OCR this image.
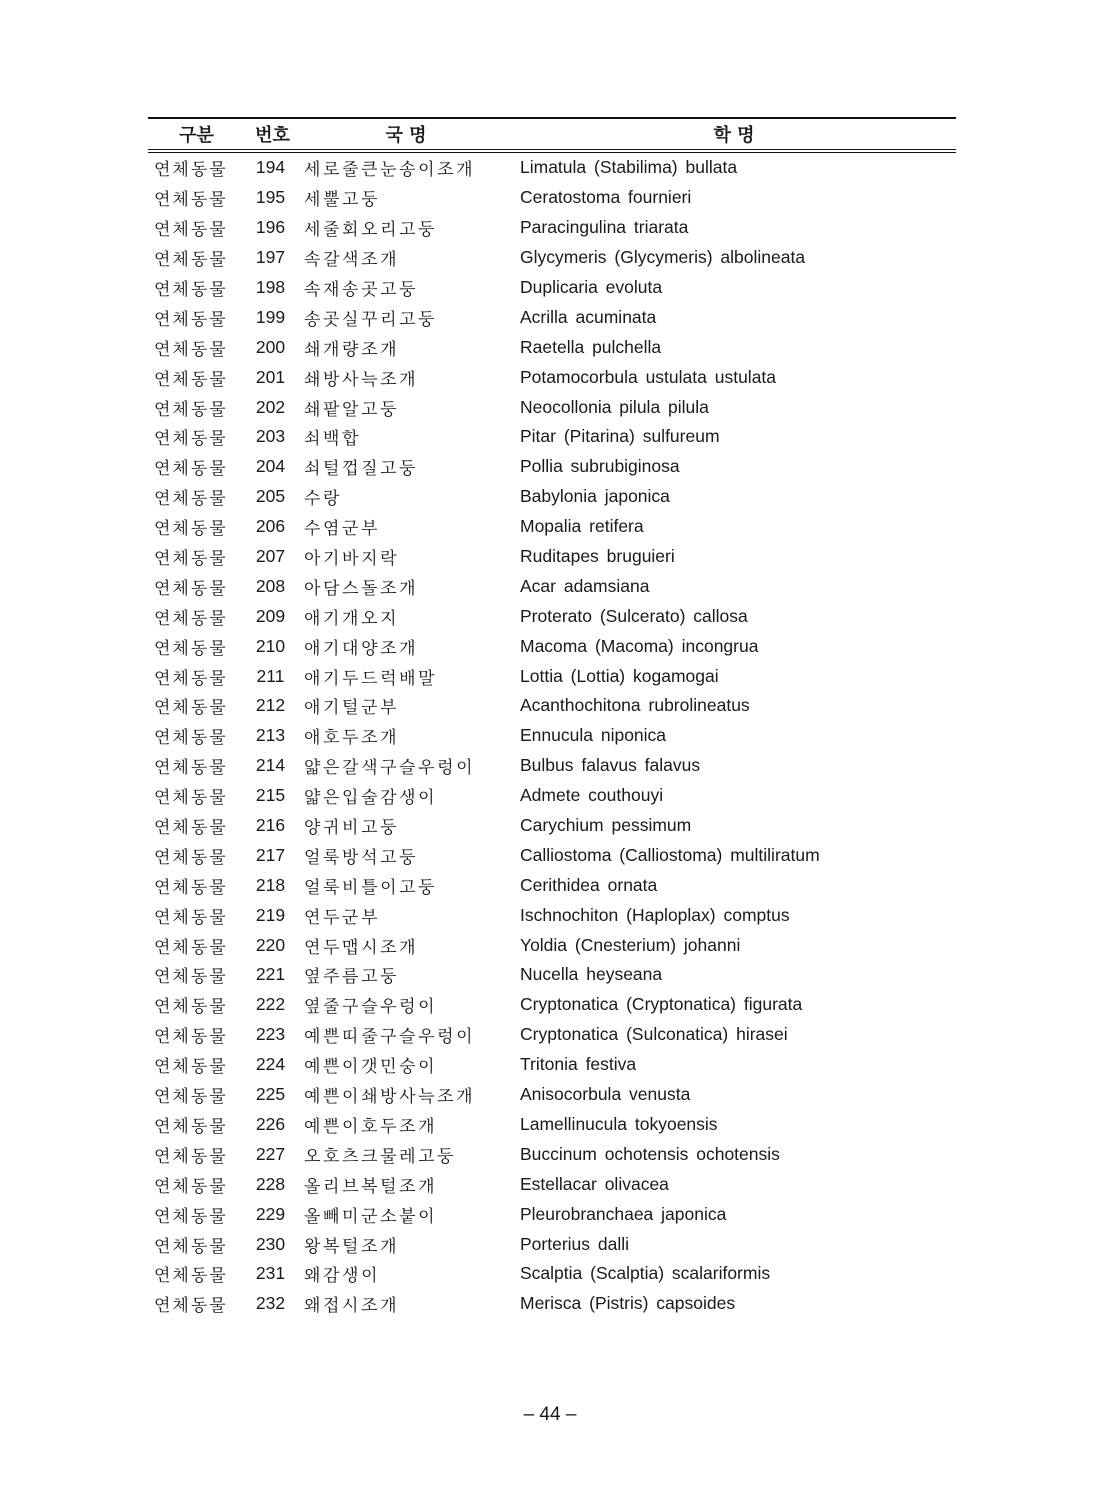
구분	번호	국 명	학 명
연체동물	194	세로줄큰눈송이조개	Limatula (Stabilima) bullata
연체동물	195	세뿔고둥	Ceratostoma fournieri
연체동물	196	세줄회오리고둥	Paracingulina triarata
연체동물	197	속갈색조개	Glycymeris (Glycymeris) albolineata
연체동물	198	속재송곳고둥	Duplicaria evoluta
연체동물	199	송곳실꾸리고둥	Acrilla acuminata
연체동물	200	쇄개량조개	Raetella pulchella
연체동물	201	쇄방사늑조개	Potamocorbula ustulata ustulata
연체동물	202	쇄팥알고둥	Neocollonia pilula pilula
연체동물	203	쇠백합	Pitar (Pitarina) sulfureum
연체동물	204	쇠털껍질고둥	Pollia subrubiginosa
연체동물	205	수랑	Babylonia japonica
연체동물	206	수염군부	Mopalia retifera
연체동물	207	아기바지락	Ruditapes bruguieri
연체동물	208	아담스돌조개	Acar adamsiana
연체동물	209	애기개오지	Proterato (Sulcerato) callosa
연체동물	210	애기대양조개	Macoma (Macoma) incongrua
연체동물	211	애기두드럭배말	Lottia (Lottia) kogamogai
연체동물	212	애기털군부	Acanthochitona rubrolineatus
연체동물	213	애호두조개	Ennucula niponica
연체동물	214	얇은갈색구슬우렁이	Bulbus falavus falavus
연체동물	215	얇은입술감생이	Admete couthouyi
연체동물	216	양귀비고둥	Carychium pessimum
연체동물	217	얼룩방석고둥	Calliostoma (Calliostoma) multiliratum
연체동물	218	얼룩비틀이고둥	Cerithidea ornata
연체동물	219	연두군부	Ischnochiton (Haploplax) comptus
연체동물	220	연두맵시조개	Yoldia (Cnesterium) johanni
연체동물	221	옆주름고둥	Nucella heyseana
연체동물	222	옆줄구슬우렁이	Cryptonatica (Cryptonatica) figurata
연체동물	223	예쁜띠줄구슬우렁이	Cryptonatica (Sulconatica) hirasei
연체동물	224	예쁜이갯민숭이	Tritonia festiva
연체동물	225	예쁜이쇄방사늑조개	Anisocorbula venusta
연체동물	226	예쁜이호두조개	Lamellinucula tokyoensis
연체동물	227	오호츠크물레고둥	Buccinum ochotensis ochotensis
연체동물	228	올리브복털조개	Estellacar olivacea
연체동물	229	올빼미군소붙이	Pleurobranchaea japonica
연체동물	230	왕복털조개	Porterius dalli
연체동물	231	왜감생이	Scalptia (Scalptia) scalariformis
연체동물	232	왜접시조개	Merisca (Pistris) capsoides
– 44 –
